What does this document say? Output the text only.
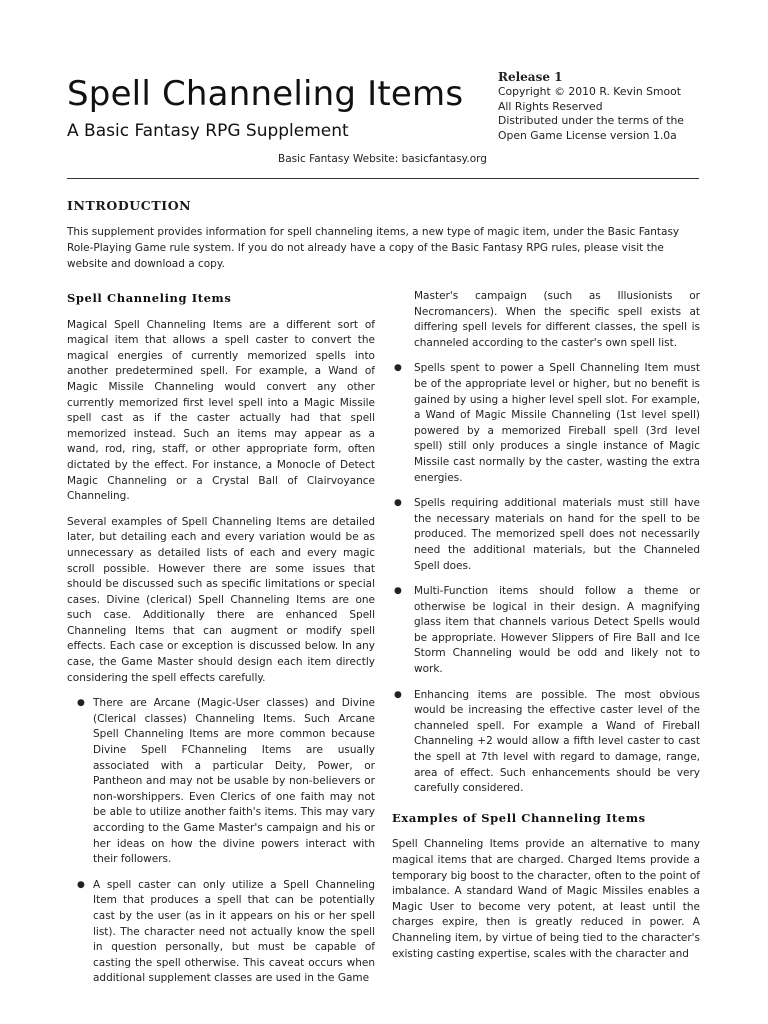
Spell Channeling Items
A Basic Fantasy RPG Supplement
Release 1
Copyright © 2010 R. Kevin Smoot
All Rights Reserved
Distributed under the terms of the
Open Game License version 1.0a
Basic Fantasy Website: basicfantasy.org
INTRODUCTION

This supplement provides information for spell channeling items, a new type of magic item, under the Basic Fantasy Role-Playing Game rule system. If you do not already have a copy of the Basic Fantasy RPG rules, please visit the website and download a copy.

Spell Channeling Items

Magical Spell Channeling Items are a different sort of magical item that allows a spell caster to convert the magical energies of currently memorized spells into another predetermined spell. For example, a Wand of Magic Missile Channeling would convert any other currently memorized first level spell into a Magic Missile spell cast as if the caster actually had that spell memorized instead. Such an items may appear as a wand, rod, ring, staff, or other appropriate form, often dictated by the effect. For instance, a Monocle of Detect Magic Channeling or a Crystal Ball of Clairvoyance Channeling.

Several examples of Spell Channeling Items are detailed later, but detailing each and every variation would be as unnecessary as detailed lists of each and every magic scroll possible. However there are some issues that should be discussed such as specific limitations or special cases. Divine (clerical) Spell Channeling Items are one such case. Additionally there are enhanced Spell Channeling Items that can augment or modify spell effects. Each case or exception is discussed below. In any case, the Game Master should design each item directly considering the spell effects carefully.

● There are Arcane (Magic-User classes) and Divine (Clerical classes) Channeling Items. Such Arcane Spell Channeling Items are more common because Divine Spell FChanneling Items are usually associated with a particular Deity, Power, or Pantheon and may not be usable by non-believers or non-worshippers. Even Clerics of one faith may not be able to utilize another faith's items. This may vary according to the Game Master's campaign and his or her ideas on how the divine powers interact with their followers.
● A spell caster can only utilize a Spell Channeling Item that produces a spell that can be potentially cast by the user (as in it appears on his or her spell list). The character need not actually know the spell in question personally, but must be capable of casting the spell otherwise. This caveat occurs when additional supplement classes are used in the Game

Master's campaign (such as Illusionists or Necromancers). When the specific spell exists at differing spell levels for different classes, the spell is channeled according to the caster's own spell list.

● Spells spent to power a Spell Channeling Item must be of the appropriate level or higher, but no benefit is gained by using a higher level spell slot. For example, a Wand of Magic Missile Channeling (1st level spell) powered by a memorized Fireball spell (3rd level spell) still only produces a single instance of Magic Missile cast normally by the caster, wasting the extra energies.
● Spells requiring additional materials must still have the necessary materials on hand for the spell to be produced. The memorized spell does not necessarily need the additional materials, but the Channeled Spell does.
● Multi-Function items should follow a theme or otherwise be logical in their design. A magnifying glass item that channels various Detect Spells would be appropriate. However Slippers of Fire Ball and Ice Storm Channeling would be odd and likely not to work.
● Enhancing items are possible. The most obvious would be increasing the effective caster level of the channeled spell. For example a Wand of Fireball Channeling +2 would allow a fifth level caster to cast the spell at 7th level with regard to damage, range, area of effect. Such enhancements should be very carefully considered.
Examples of Spell Channeling Items

Spell Channeling Items provide an alternative to many magical items that are charged. Charged Items provide a temporary big boost to the character, often to the point of imbalance. A standard Wand of Magic Missiles enables a Magic User to become very potent, at least until the charges expire, then is greatly reduced in power. A Channeling item, by virtue of being tied to the character's existing casting expertise, scales with the character and
